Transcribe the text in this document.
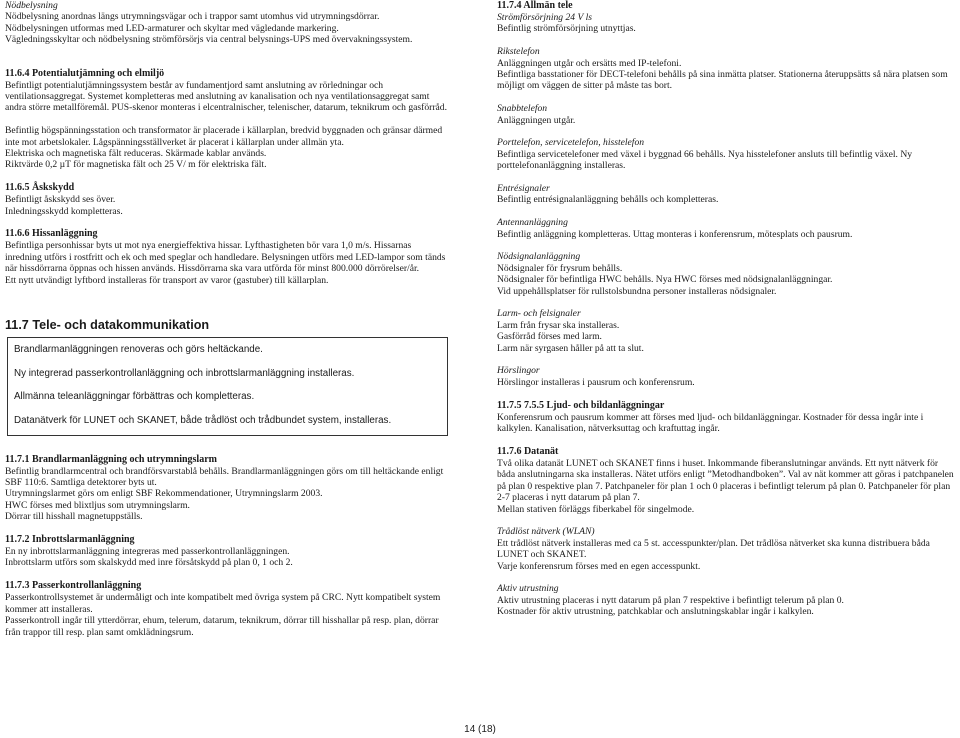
Nödbelysning

Nödbelysning anordnas längs utrymningsvägar och i trappor samt utomhus vid utrymningsdörrar.

Nödbelysningen utformas med LED-armaturer och skyltar med vägledande markering.

Vägledningsskyltar och nödbelysning strömförsörjs via central belysnings-UPS med övervakningssystem.

11.6.4 Potentialutjämning och elmiljö

Befintligt potentialutjämningssystem består av fundamentjord samt anslutning av rörledningar och ventilationsaggregat. Systemet kompletteras med anslutning av kanalisation och nya ventilationsaggregat samt andra större metallföremål. PUS-skenor monteras i elcentralnischer, telenischer, datarum, teknikrum och gasförråd.

Befintlig högspänningsstation och transformator är placerade i källarplan, bredvid byggnaden och gränsar därmed inte mot arbetslokaler. Lågspänningsställverket är placerat i källarplan under allmän yta.

Elektriska och magnetiska fält reduceras. Skärmade kablar används.

Riktvärde 0,2 µT för magnetiska fält och 25 V/ m för elektriska fält.

11.6.5 Åskskydd

Befintligt åskskydd ses över.

Inledningsskydd kompletteras.

11.6.6 Hissanläggning

Befintliga personhissar byts ut mot nya energieffektiva hissar. Lyfthastigheten bör vara 1,0 m/s. Hissarnas inredning utförs i rostfritt och ek och med speglar och handledare. Belysningen utförs med LED-lampor som tänds när hissdörrarna öppnas och hissen används. Hissdörrarna ska vara utförda för minst 800.000 dörrörelser/år.

Ett nytt utvändigt lyftbord installeras för transport av varor (gastuber) till källarplan.

11.7 Tele- och datakommunikation

Brandlarmanläggningen renoveras och görs heltäckande.

Ny integrerad passerkontrollanläggning och inbrottslarmanläggning installeras.

Allmänna teleanläggningar förbättras och kompletteras.

Datanätverk för LUNET och SKANET, både trådlöst och trådbundet system, installeras.

11.7.1 Brandlarmanläggning och utrymningslarm

Befintlig brandlarmcentral och brandförsvarstablå behålls. Brandlarmanläggningen görs om till heltäckande enligt SBF 110:6. Samtliga detektorer byts ut.

Utrymningslarmet görs om enligt SBF Rekommendationer, Utrymningslarm 2003.

HWC förses med blixtljus som utrymningslarm.

Dörrar till hisshall magnetuppställs.

11.7.2 Inbrottslarmanläggning

En ny inbrottslarmanläggning integreras med passerkontrollanläggningen.

Inbrottslarm utförs som skalskydd med inre försåtskydd på plan 0, 1 och 2.

11.7.3 Passerkontrollanläggning

Passerkontrollsystemet är undermåligt och inte kompatibelt med övriga system på CRC. Nytt kompatibelt system kommer att installeras.

Passerkontroll ingår till ytterdörrar, ehum, telerum, datarum, teknikrum, dörrar till hisshallar på resp. plan, dörrar från trappor till resp. plan samt omklädningsrum.

11.7.4 Allmän tele

Strömförsörjning 24 V ls

Befintlig strömförsörjning utnyttjas.

Rikstelefon

Anläggningen utgår och ersätts med IP-telefoni.

Befintliga basstationer för DECT-telefoni behålls på sina inmätta platser. Stationerna återuppsätts så nära platsen som möjligt om väggen de sitter på måste tas bort.

Snabbtelefon

Anläggningen utgår.

Porttelefon, servicetelefon, hisstelefon

Befintliga servicetelefoner med växel i byggnad 66 behålls. Nya hisstelefoner ansluts till befintlig växel. Ny porttelefonanläggning installeras.

Entrésignaler

Befintlig entrésignalanläggning behålls och kompletteras.

Antennanläggning

Befintlig anläggning kompletteras. Uttag monteras i konferensrum, mötesplats och pausrum.

Nödsignalanläggning

Nödsignaler för frysrum behålls.

Nödsignaler för befintliga HWC behålls. Nya HWC förses med nödsignalanläggningar.

Vid uppehållsplatser för rullstolsbundna personer installeras nödsignaler.

Larm- och felsignaler

Larm från frysar ska installeras.

Gasförråd förses med larm.

Larm när syrgasen håller på att ta slut.

Hörslingor

Hörslingor installeras i pausrum och konferensrum.

11.7.5 7.5.5 Ljud- och bildanläggningar

Konferensrum och pausrum kommer att förses med ljud- och bildanläggningar. Kostnader för dessa ingår inte i kalkylen. Kanalisation, nätverksuttag och kraftuttag ingår.

11.7.6 Datanät

Två olika datanät LUNET och SKANET finns i huset. Inkommande fiberanslutningar används. Ett nytt nätverk för båda anslutningarna ska installeras. Nätet utförs enligt ”Metodhandboken”. Val av nät kommer att göras i patchpanelen på plan 0 respektive plan 7. Patchpaneler för plan 1 och 0 placeras i befintligt telerum på plan 0. Patchpaneler för plan 2-7 placeras i nytt datarum på plan 7.

Mellan stativen förläggs fiberkabel för singelmode.

Trådlöst nätverk (WLAN)

Ett trådlöst nätverk installeras med ca 5 st. accesspunkter/plan. Det trådlösa nätverket ska kunna distribuera båda LUNET och SKANET.

Varje konferensrum förses med en egen accesspunkt.

Aktiv utrustning

Aktiv utrustning placeras i nytt datarum på plan 7 respektive i befintligt telerum på plan 0.

Kostnader för aktiv utrustning, patchkablar och anslutningskablar ingår i kalkylen.

14 (18)
